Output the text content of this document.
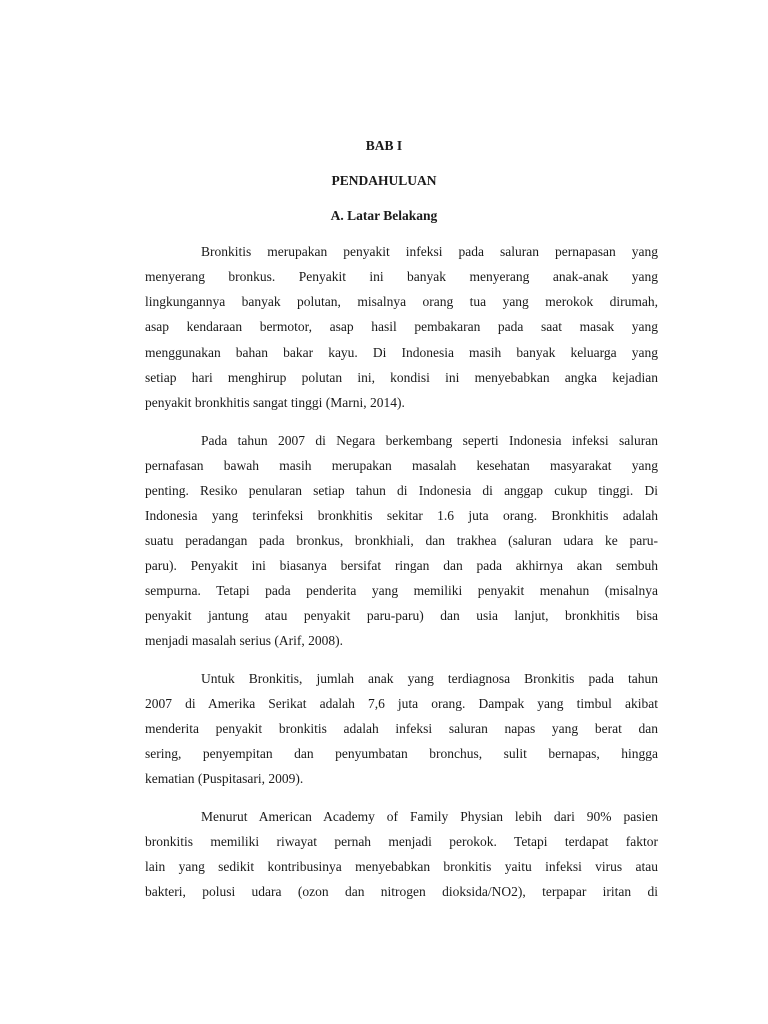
BAB I
PENDAHULUAN
A. Latar Belakang
Bronkitis merupakan penyakit infeksi pada saluran pernapasan yang
menyerang bronkus. Penyakit ini banyak menyerang anak-anak yang
lingkungannya banyak polutan, misalnya orang tua yang merokok dirumah,
asap kendaraan bermotor, asap hasil pembakaran pada saat masak yang
menggunakan bahan bakar kayu. Di Indonesia masih banyak keluarga yang
setiap hari menghirup polutan ini, kondisi ini menyebabkan angka kejadian
penyakit bronkhitis sangat tinggi (Marni, 2014).
Pada tahun 2007 di Negara berkembang seperti Indonesia infeksi saluran
pernafasan bawah masih merupakan masalah kesehatan masyarakat yang
penting. Resiko penularan setiap tahun di Indonesia di anggap cukup tinggi. Di
Indonesia yang terinfeksi bronkhitis sekitar 1.6 juta orang. Bronkhitis adalah
suatu peradangan pada bronkus, bronkhiali, dan trakhea (saluran udara ke paru-
paru). Penyakit ini biasanya bersifat ringan dan pada akhirnya akan sembuh
sempurna. Tetapi pada penderita yang memiliki penyakit menahun (misalnya
penyakit jantung atau penyakit paru-paru) dan usia lanjut, bronkhitis bisa
menjadi masalah serius (Arif, 2008).
Untuk Bronkitis, jumlah anak yang terdiagnosa Bronkitis pada tahun
2007 di Amerika Serikat adalah 7,6 juta orang. Dampak yang timbul akibat
menderita penyakit bronkitis adalah infeksi saluran napas yang berat dan
sering, penyempitan dan penyumbatan bronchus, sulit bernapas, hingga
kematian (Puspitasari, 2009).
Menurut American Academy of Family Physian lebih dari 90% pasien
bronkitis memiliki riwayat pernah menjadi perokok. Tetapi terdapat faktor
lain yang sedikit kontribusinya menyebabkan bronkitis yaitu infeksi virus atau
bakteri, polusi udara (ozon dan nitrogen dioksida/NO2), terpapar iritan di
